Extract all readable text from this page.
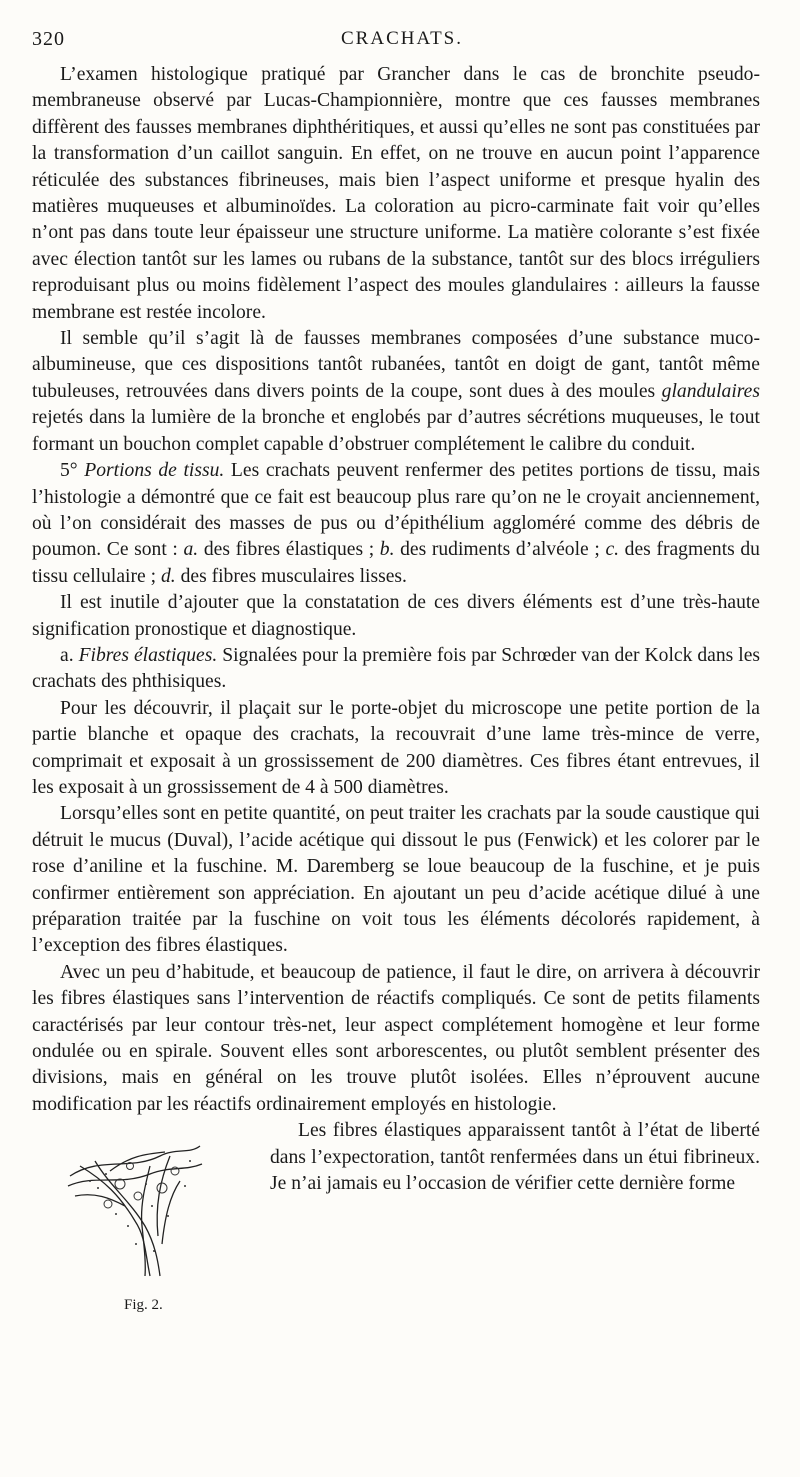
320	CRACHATS.

L’examen histologique pratiqué par Grancher dans le cas de bronchite pseudo-membraneuse observé par Lucas-Championnière, montre que ces fausses membranes diffèrent des fausses membranes diphthéritiques, et aussi qu’elles ne sont pas constituées par la transformation d’un caillot sanguin. En effet, on ne trouve en aucun point l’apparence réticulée des substances fibrineuses, mais bien l’aspect uniforme et presque hyalin des matières muqueuses et albuminoïdes. La coloration au picro-carminate fait voir qu’elles n’ont pas dans toute leur épaisseur une structure uniforme. La matière colorante s’est fixée avec élection tantôt sur les lames ou rubans de la substance, tantôt sur des blocs irréguliers reproduisant plus ou moins fidèlement l’aspect des moules glandulaires : ailleurs la fausse membrane est restée incolore.

Il semble qu’il s’agit là de fausses membranes composées d’une substance muco-albumineuse, que ces dispositions tantôt rubanées, tantôt en doigt de gant, tantôt même tubuleuses, retrouvées dans divers points de la coupe, sont dues à des moules glandulaires rejetés dans la lumière de la bronche et englobés par d’autres sécrétions muqueuses, le tout formant un bouchon complet capable d’obstruer complétement le calibre du conduit.

5° Portions de tissu. Les crachats peuvent renfermer des petites portions de tissu, mais l’histologie a démontré que ce fait est beaucoup plus rare qu’on ne le croyait anciennement, où l’on considérait des masses de pus ou d’épithélium aggloméré comme des débris de poumon. Ce sont : a. des fibres élastiques ; b. des rudiments d’alvéole ; c. des fragments du tissu cellulaire ; d. des fibres musculaires lisses.

Il est inutile d’ajouter que la constatation de ces divers éléments est d’une très-haute signification pronostique et diagnostique.

a. Fibres élastiques. Signalées pour la première fois par Schrœder van der Kolck dans les crachats des phthisiques.

Pour les découvrir, il plaçait sur le porte-objet du microscope une petite portion de la partie blanche et opaque des crachats, la recouvrait d’une lame très-mince de verre, comprimait et exposait à un grossissement de 200 diamètres. Ces fibres étant entrevues, il les exposait à un grossissement de 4 à 500 diamètres.

Lorsqu’elles sont en petite quantité, on peut traiter les crachats par la soude caustique qui détruit le mucus (Duval), l’acide acétique qui dissout le pus (Fenwick) et les colorer par le rose d’aniline et la fuschine. M. Daremberg se loue beaucoup de la fuschine, et je puis confirmer entièrement son appréciation. En ajoutant un peu d’acide acétique dilué à une préparation traitée par la fuschine on voit tous les éléments décolorés rapidement, à l’exception des fibres élastiques.

Avec un peu d’habitude, et beaucoup de patience, il faut le dire, on arrivera à découvrir les fibres élastiques sans l’intervention de réactifs compliqués. Ce sont de petits filaments caractérisés par leur contour très-net, leur aspect complétement homogène et leur forme ondulée ou en spirale. Souvent elles sont arborescentes, ou plutôt semblent présenter des divisions, mais en général on les trouve plutôt isolées. Elles n’éprouvent aucune modification par les réactifs ordinairement employés en histologie.

Fig. 2.

Les fibres élastiques apparaissent tantôt à l’état de liberté dans l’expectoration, tantôt renfermées dans un étui fibrineux. Je n’ai jamais eu l’occasion de vérifier cette dernière forme
